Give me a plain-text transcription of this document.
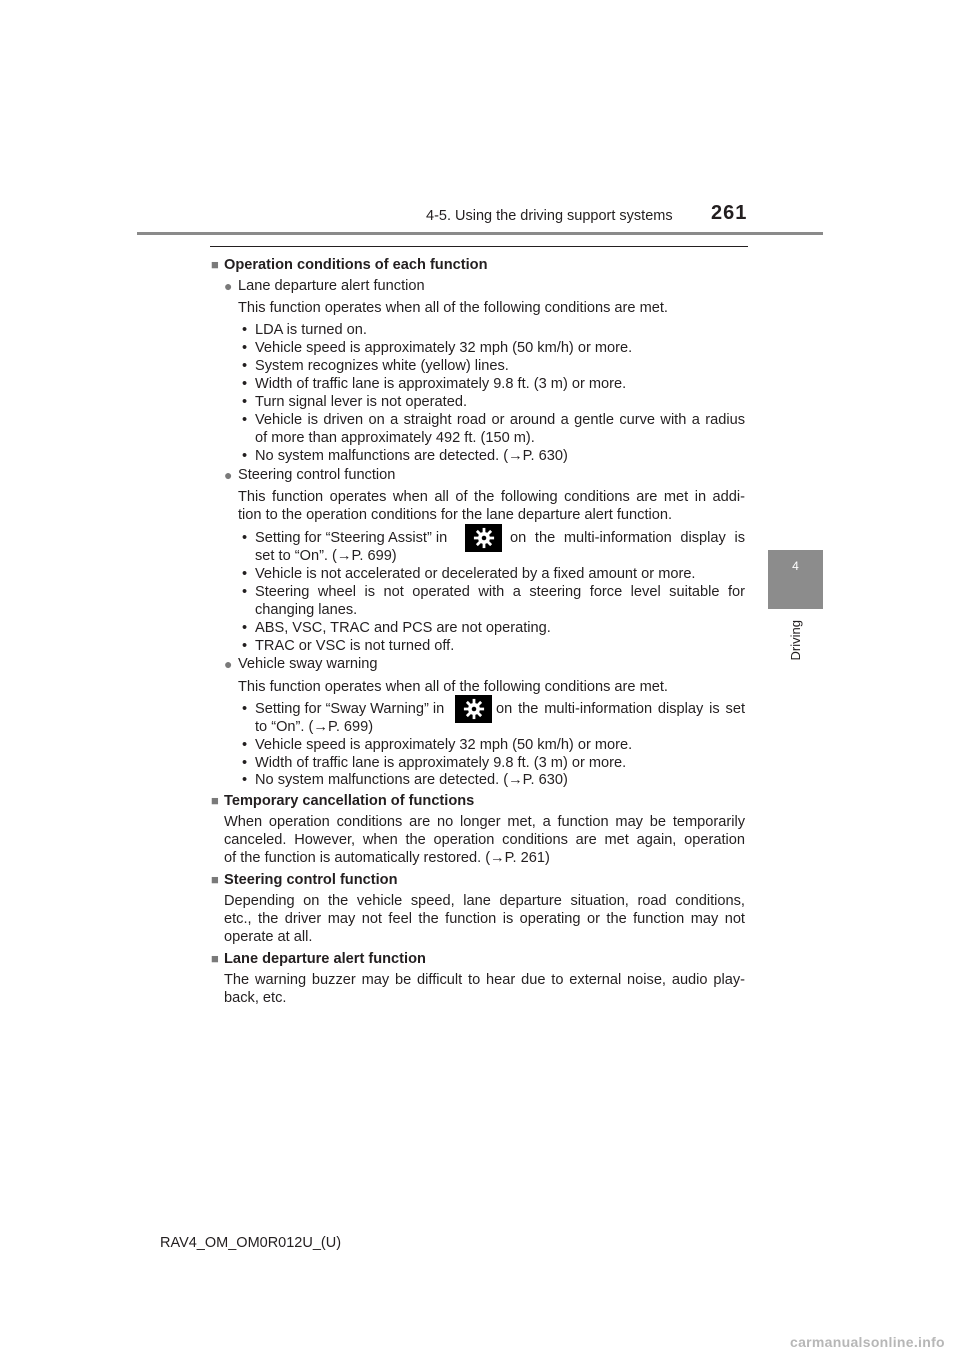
4-5. Using the driving support systems 261
4
Driving
■ Operation conditions of each function
● Lane departure alert function
This function operates when all of the following conditions are met.
• LDA is turned on.
• Vehicle speed is approximately 32 mph (50 km/h) or more.
• System recognizes white (yellow) lines.
• Width of traffic lane is approximately 9.8 ft. (3 m) or more.
• Turn signal lever is not operated.
• Vehicle is driven on a straight road or around a gentle curve with a radius
of more than approximately 492 ft. (150 m).
• No system malfunctions are detected. (→P. 630)
● Steering control function
This function operates when all of the following conditions are met in addi-
tion to the operation conditions for the lane departure alert function.
• Setting for “Steering Assist” in	on the multi-information display is
set to “On”. (→P. 699)
• Vehicle is not accelerated or decelerated by a fixed amount or more.
• Steering wheel is not operated with a steering force level suitable for
changing lanes.
• ABS, VSC, TRAC and PCS are not operating.
• TRAC or VSC is not turned off.
● Vehicle sway warning
This function operates when all of the following conditions are met.
• Setting for “Sway Warning” in	on the multi-information display is set
to “On”. (→P. 699)
• Vehicle speed is approximately 32 mph (50 km/h) or more.
• Width of traffic lane is approximately 9.8 ft. (3 m) or more.
• No system malfunctions are detected. (→P. 630)
■ Temporary cancellation of functions
When operation conditions are no longer met, a function may be temporarily
canceled. However, when the operation conditions are met again, operation
of the function is automatically restored. (→P. 261)
■ Steering control function
Depending on the vehicle speed, lane departure situation, road conditions,
etc., the driver may not feel the function is operating or the function may not
operate at all.
■ Lane departure alert function
The warning buzzer may be difficult to hear due to external noise, audio play-
back, etc.
RAV4_OM_OM0R012U_(U)
carmanualsonline.info
